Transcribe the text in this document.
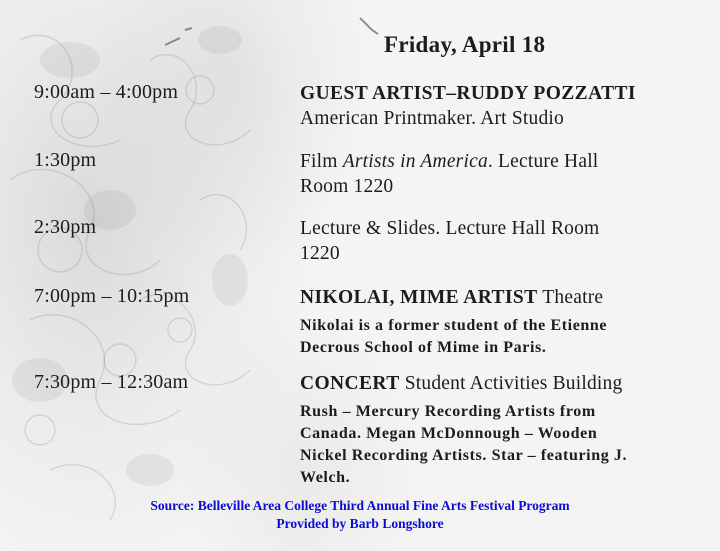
Friday, April 18
9:00am – 4:00pm	GUEST ARTIST–RUDDY POZZATTI
American Printmaker. Art Studio
1:30pm	Film Artists in America. Lecture Hall
Room 1220
2:30pm	Lecture & Slides. Lecture Hall Room
1220
7:00pm – 10:15pm	NIKOLAI, MIME ARTIST Theatre
Nikolai is a former student of the Etienne
Decrous School of Mime in Paris.
7:30pm – 12:30am	CONCERT Student Activities Building
Rush – Mercury Recording Artists from
Canada. Megan McDonnough – Wooden
Nickel Recording Artists. Star – featuring J.
Welch.
Source: Belleville Area College Third Annual Fine Arts Festival Program
Provided by Barb Longshore
